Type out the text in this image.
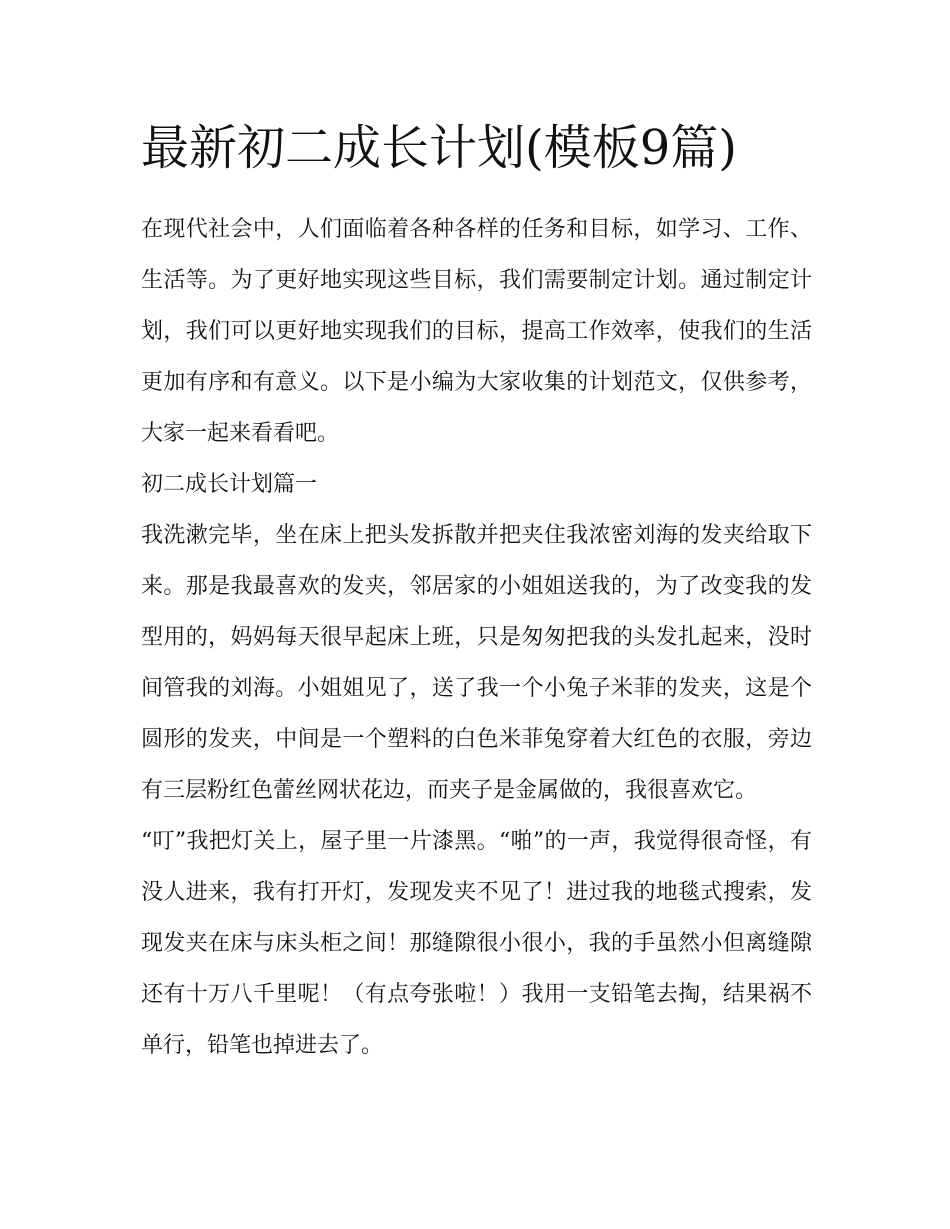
最新初二成长计划(模板9篇)

在现代社会中，人们面临着各种各样的任务和目标，如学习、工作、生活等。为了更好地实现这些目标，我们需要制定计划。通过制定计划，我们可以更好地实现我们的目标，提高工作效率，使我们的生活更加有序和有意义。以下是小编为大家收集的计划范文，仅供参考，大家一起来看看吧。

初二成长计划篇一

我洗漱完毕，坐在床上把头发拆散并把夹住我浓密刘海的发夹给取下来。那是我最喜欢的发夹，邻居家的小姐姐送我的，为了改变我的发型用的，妈妈每天很早起床上班，只是匆匆把我的头发扎起来，没时间管我的刘海。小姐姐见了，送了我一个小兔子米菲的发夹，这是个圆形的发夹，中间是一个塑料的白色米菲兔穿着大红色的衣服，旁边有三层粉红色蕾丝网状花边，而夹子是金属做的，我很喜欢它。

“叮”我把灯关上，屋子里一片漆黑。“啪”的一声，我觉得很奇怪，有没人进来，我有打开灯，发现发夹不见了！进过我的地毯式搜索，发现发夹在床与床头柜之间！那缝隙很小很小，我的手虽然小但离缝隙还有十万八千里呢！（有点夸张啦！）我用一支铅笔去掏，结果祸不单行，铅笔也掉进去了。
